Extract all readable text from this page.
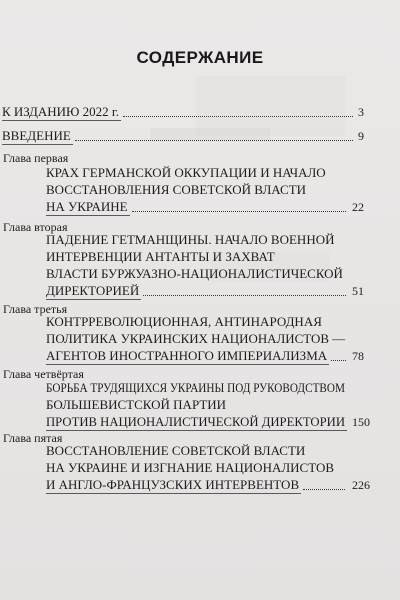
СОДЕРЖАНИЕ
К ИЗДАНИЮ 2022 г.	3
ВВЕДЕНИЕ	9
Глава первая
КРАХ ГЕРМАНСКОЙ ОККУПАЦИИ И НАЧАЛО
ВОССТАНОВЛЕНИЯ СОВЕТСКОЙ ВЛАСТИ
НА УКРАИНЕ	22
Глава вторая
ПАДЕНИЕ ГЕТМАНЩИНЫ. НАЧАЛО ВОЕННОЙ
ИНТЕРВЕНЦИИ АНТАНТЫ И ЗАХВАТ
ВЛАСТИ БУРЖУАЗНО-НАЦИОНАЛИСТИЧЕСКОЙ
ДИРЕКТОРИЕЙ	51
Глава третья
КОНТРРЕВОЛЮЦИОННАЯ, АНТИНАРОДНАЯ
ПОЛИТИКА УКРАИНСКИХ НАЦИОНАЛИСТОВ —
АГЕНТОВ ИНОСТРАННОГО ИМПЕРИАЛИЗМА	78
Глава четвёртая
БОРЬБА ТРУДЯЩИХСЯ УКРАИНЫ ПОД РУКОВОДСТВОМ
БОЛЬШЕВИСТСКОЙ ПАРТИИ
ПРОТИВ НАЦИОНАЛИСТИЧЕСКОЙ ДИРЕКТОРИИ 150
Глава пятая
ВОССТАНОВЛЕНИЕ СОВЕТСКОЙ ВЛАСТИ
НА УКРАИНЕ И ИЗГНАНИЕ НАЦИОНАЛИСТОВ
И АНГЛО-ФРАНЦУЗСКИХ ИНТЕРВЕНТОВ	226
